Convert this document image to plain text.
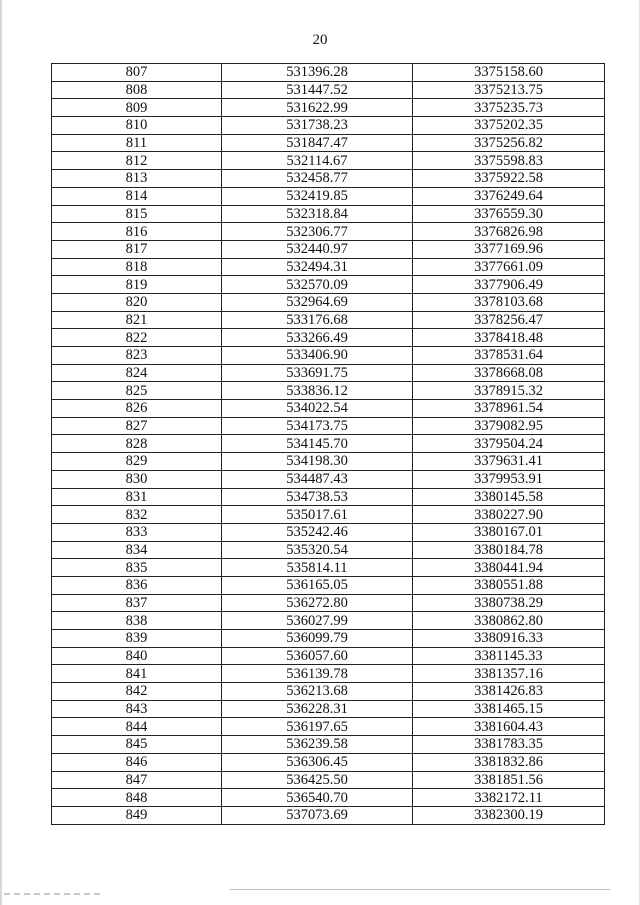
20
807	531396.28	3375158.60
808	531447.52	3375213.75
809	531622.99	3375235.73
810	531738.23	3375202.35
811	531847.47	3375256.82
812	532114.67	3375598.83
813	532458.77	3375922.58
814	532419.85	3376249.64
815	532318.84	3376559.30
816	532306.77	3376826.98
817	532440.97	3377169.96
818	532494.31	3377661.09
819	532570.09	3377906.49
820	532964.69	3378103.68
821	533176.68	3378256.47
822	533266.49	3378418.48
823	533406.90	3378531.64
824	533691.75	3378668.08
825	533836.12	3378915.32
826	534022.54	3378961.54
827	534173.75	3379082.95
828	534145.70	3379504.24
829	534198.30	3379631.41
830	534487.43	3379953.91
831	534738.53	3380145.58
832	535017.61	3380227.90
833	535242.46	3380167.01
834	535320.54	3380184.78
835	535814.11	3380441.94
836	536165.05	3380551.88
837	536272.80	3380738.29
838	536027.99	3380862.80
839	536099.79	3380916.33
840	536057.60	3381145.33
841	536139.78	3381357.16
842	536213.68	3381426.83
843	536228.31	3381465.15
844	536197.65	3381604.43
845	536239.58	3381783.35
846	536306.45	3381832.86
847	536425.50	3381851.56
848	536540.70	3382172.11
849	537073.69	3382300.19
